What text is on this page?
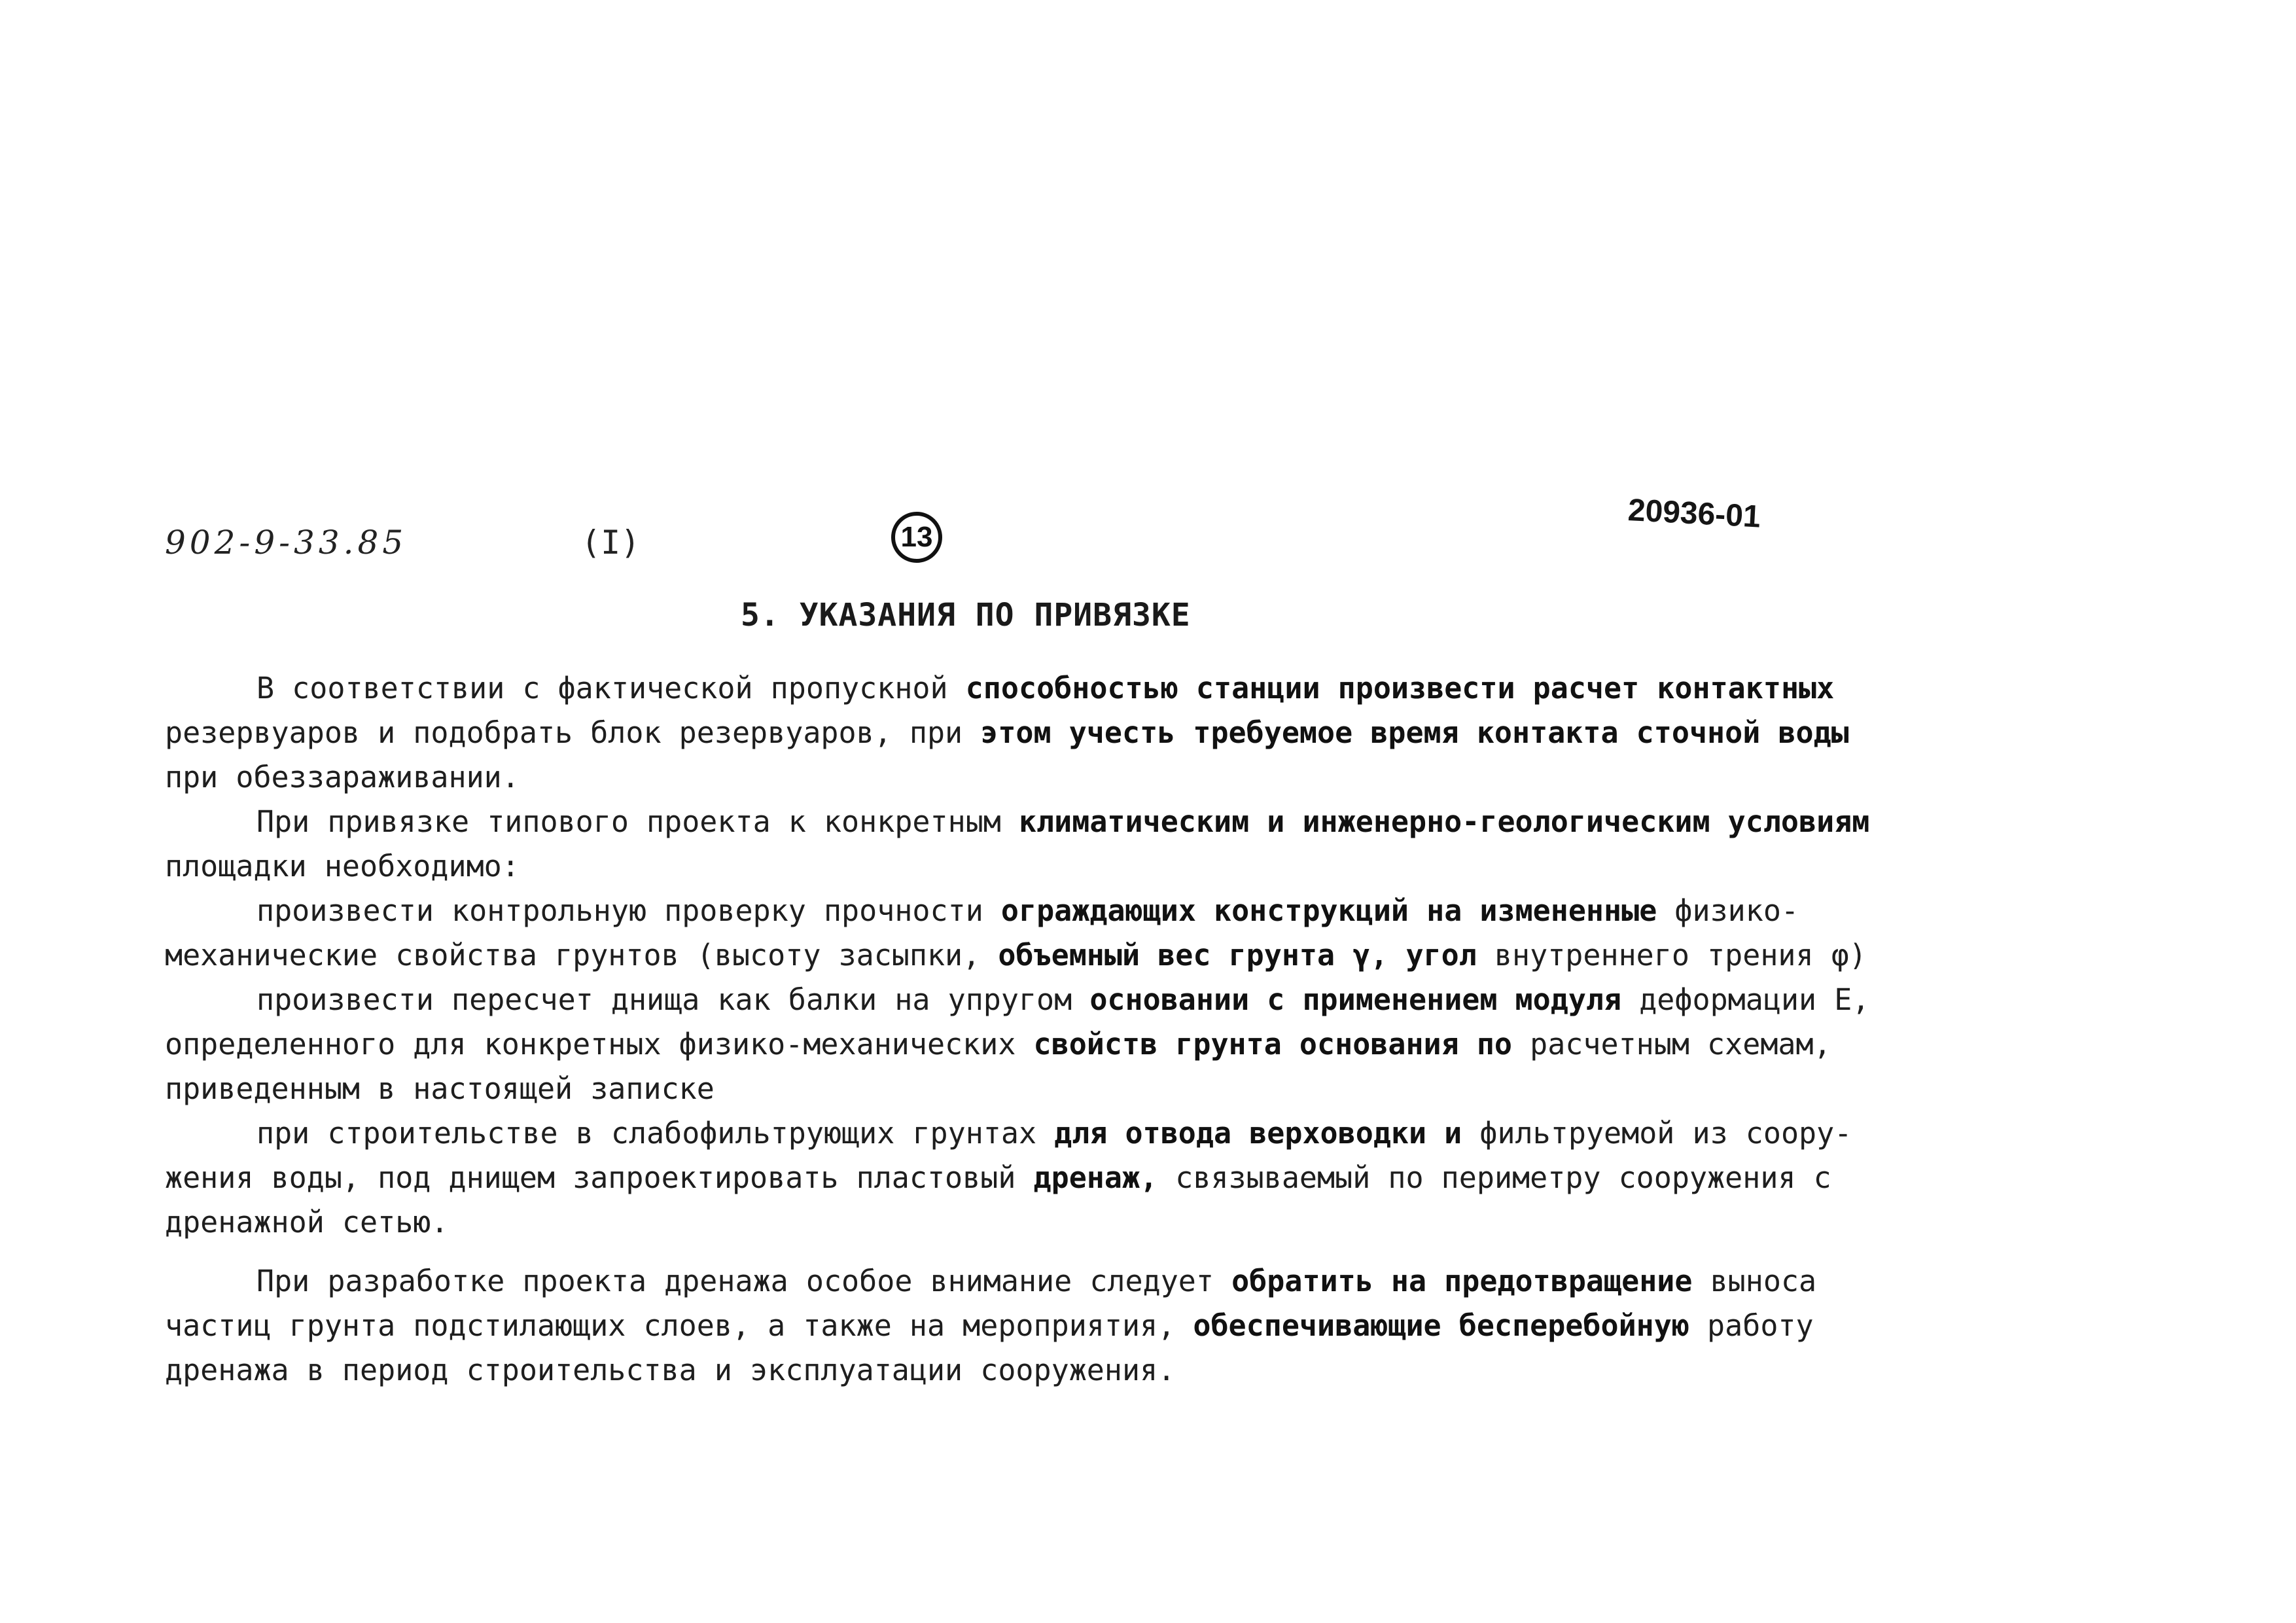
902-9-33.85	(I)	13
20936-01
5. УКАЗАНИЯ ПО ПРИВЯЗКЕ
В соответствии с фактической пропускной способностью станции произвести расчет контактных
резервуаров и подобрать блок резервуаров, при этом учесть требуемое время контакта сточной воды
при обеззараживании.
При привязке типового проекта к конкретным климатическим и инженерно-геологическим условиям
площадки необходимо:
произвести контрольную проверку прочности ограждающих конструкций на измененные физико-
механические свойства грунтов (высоту засыпки, объемный вес грунта γ, угол внутреннего трения φ)
произвести пересчет днища как балки на упругом основании с применением модуля деформации Е,
определенного для конкретных физико-механических свойств грунта основания по расчетным схемам,
приведенным в настоящей записке
при строительстве в слабофильтрующих грунтах для отвода верховодки и фильтруемой из соору-
жения воды, под днищем запроектировать пластовый дренаж, связываемый по периметру сооружения с
дренажной сетью.
При разработке проекта дренажа особое внимание следует обратить на предотвращение выноса
частиц грунта подстилающих слоев, а также на мероприятия, обеспечивающие бесперебойную работу
дренажа в период строительства и эксплуатации сооружения.
